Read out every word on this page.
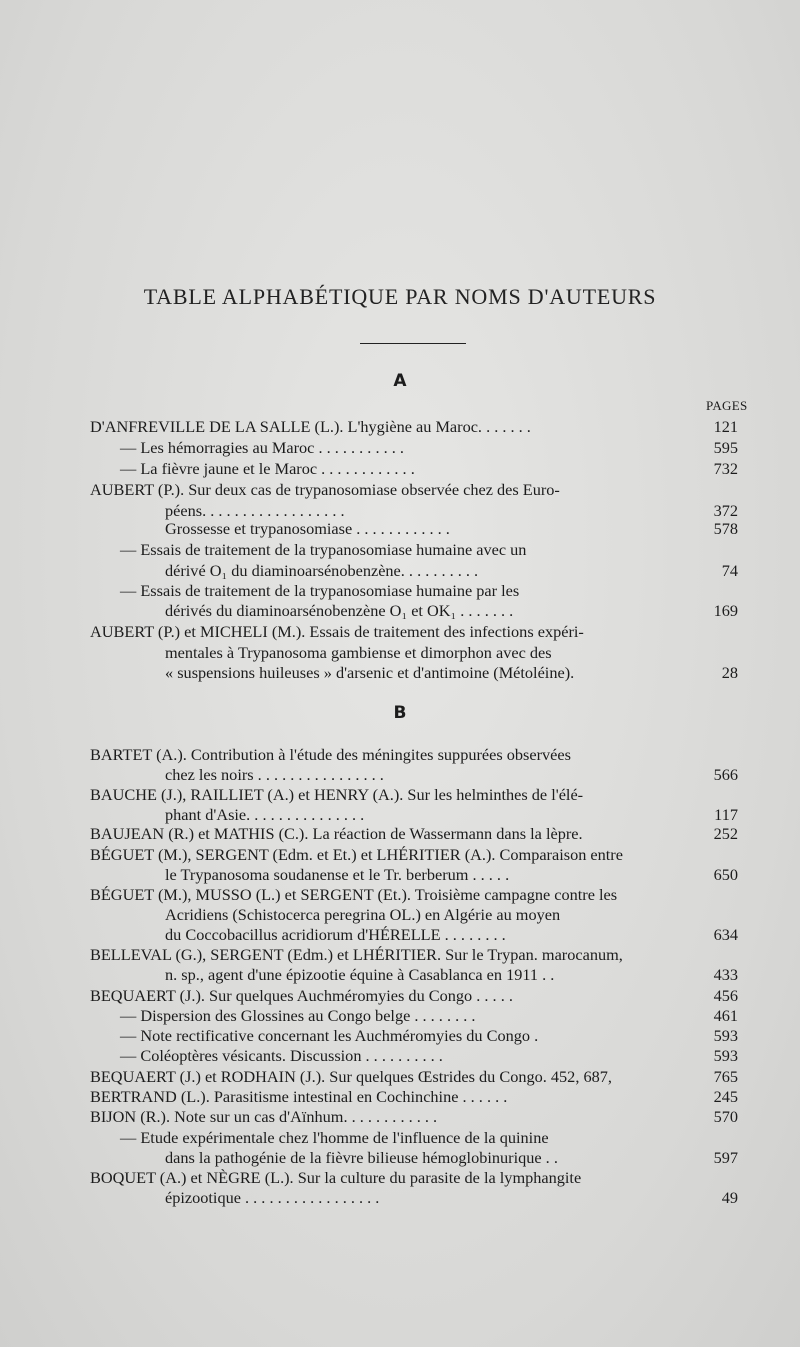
TABLE ALPHABÉTIQUE PAR NOMS D'AUTEURS
A
PAGES
B
D'ANFREVILLE DE LA SALLE (L.). L'hygiène au Maroc. . . . . . .	121
— Les hémorragies au Maroc . . . . . . . . . . .	595
— La fièvre jaune et le Maroc . . . . . . . . . . . .	732
AUBERT (P.). Sur deux cas de trypanosomiase observée chez des Euro-
péens. . . . . . . . . . . . . . . . . .	372
Grossesse et trypanosomiase . . . . . . . . . . . .	578
— Essais de traitement de la trypanosomiase humaine avec un
dérivé O₁ du diaminoarsénobenzène. . . . . . . . . .	74
— Essais de traitement de la trypanosomiase humaine par les
dérivés du diaminoarsénobenzène O₁ et OK₁ . . . . . . .	169
AUBERT (P.) et MICHELI (M.). Essais de traitement des infections expéri-
mentales à Trypanosoma gambiense et dimorphon avec des
« suspensions huileuses » d'arsenic et d'antimoine (Métoléine).	28
BARTET (A.). Contribution à l'étude des méningites suppurées observées
chez les noirs . . . . . . . . . . . . . . . .	566
BAUCHE (J.), RAILLIET (A.) et HENRY (A.). Sur les helminthes de l'élé-
phant d'Asie. . . . . . . . . . . . . . .	117
BAUJEAN (R.) et MATHIS (C.). La réaction de Wassermann dans la lèpre.	252
BÉGUET (M.), SERGENT (Edm. et Et.) et LHÉRITIER (A.). Comparaison entre
le Trypanosoma soudanense et le Tr. berberum . . . . .	650
BÉGUET (M.), MUSSO (L.) et SERGENT (Et.). Troisième campagne contre les
Acridiens (Schistocerca peregrina OL.) en Algérie au moyen
du Coccobacillus acridiorum d'HÉRELLE . . . . . . . .	634
BELLEVAL (G.), SERGENT (Edm.) et LHÉRITIER. Sur le Trypan. marocanum,
n. sp., agent d'une épizootie équine à Casablanca en 1911 . .	433
BEQUAERT (J.). Sur quelques Auchméromyies du Congo . . . . .	456
— Dispersion des Glossines au Congo belge . . . . . . . .	461
— Note rectificative concernant les Auchméromyies du Congo .	593
— Coléoptères vésicants. Discussion . . . . . . . . . .	593
BEQUAERT (J.) et RODHAIN (J.). Sur quelques Œstrides du Congo. 452, 687,	765
BERTRAND (L.). Parasitisme intestinal en Cochinchine . . . . . .	245
BIJON (R.). Note sur un cas d'Aïnhum. . . . . . . . . . . .	570
— Etude expérimentale chez l'homme de l'influence de la quinine
dans la pathogénie de la fièvre bilieuse hémoglobinurique . .	597
BOQUET (A.) et NÈGRE (L.). Sur la culture du parasite de la lymphangite
épizootique . . . . . . . . . . . . . . . . .	49
